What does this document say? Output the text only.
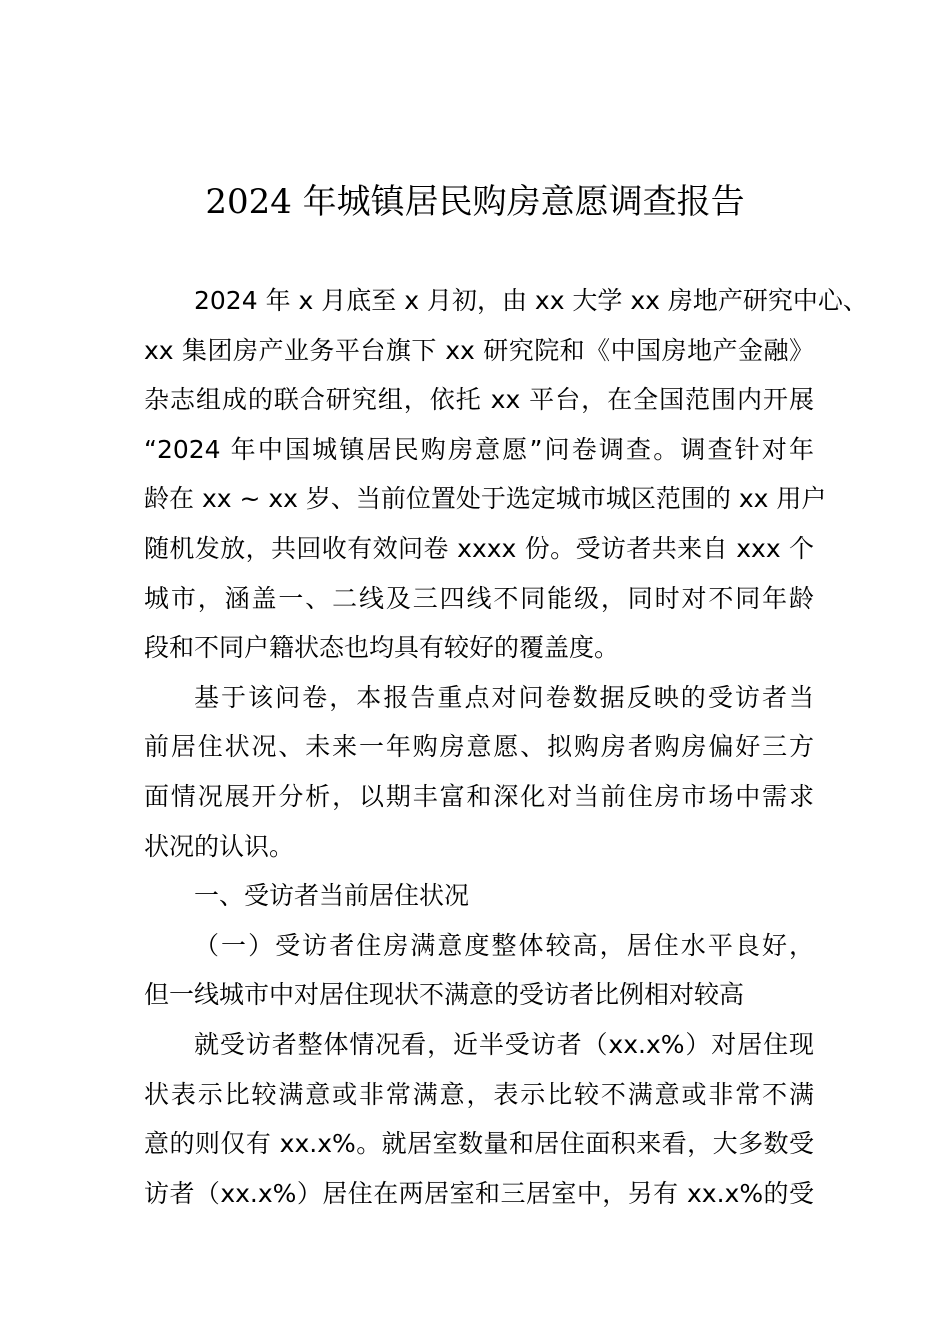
2024 年城镇居民购房意愿调查报告
2024 年 x 月底至 x 月初，由 xx 大学 xx 房地产研究中心、
xx 集团房产业务平台旗下 xx 研究院和《中国房地产金融》
杂志组成的联合研究组，依托 xx 平台，在全国范围内开展
“2024 年中国城镇居民购房意愿”问卷调查。调查针对年
龄在 xx ~ xx 岁、当前位置处于选定城市城区范围的 xx 用户
随机发放，共回收有效问卷 xxxx 份。受访者共来自 xxx 个
城市，涵盖一、二线及三四线不同能级，同时对不同年龄
段和不同户籍状态也均具有较好的覆盖度。
基于该问卷，本报告重点对问卷数据反映的受访者当
前居住状况、未来一年购房意愿、拟购房者购房偏好三方
面情况展开分析，以期丰富和深化对当前住房市场中需求
状况的认识。
一、受访者当前居住状况
（一）受访者住房满意度整体较高，居住水平良好，
但一线城市中对居住现状不满意的受访者比例相对较高
就受访者整体情况看，近半受访者（xx.x%）对居住现
状表示比较满意或非常满意，表示比较不满意或非常不满
意的则仅有 xx.x%。就居室数量和居住面积来看，大多数受
访者（xx.x%）居住在两居室和三居室中，另有 xx.x%的受
